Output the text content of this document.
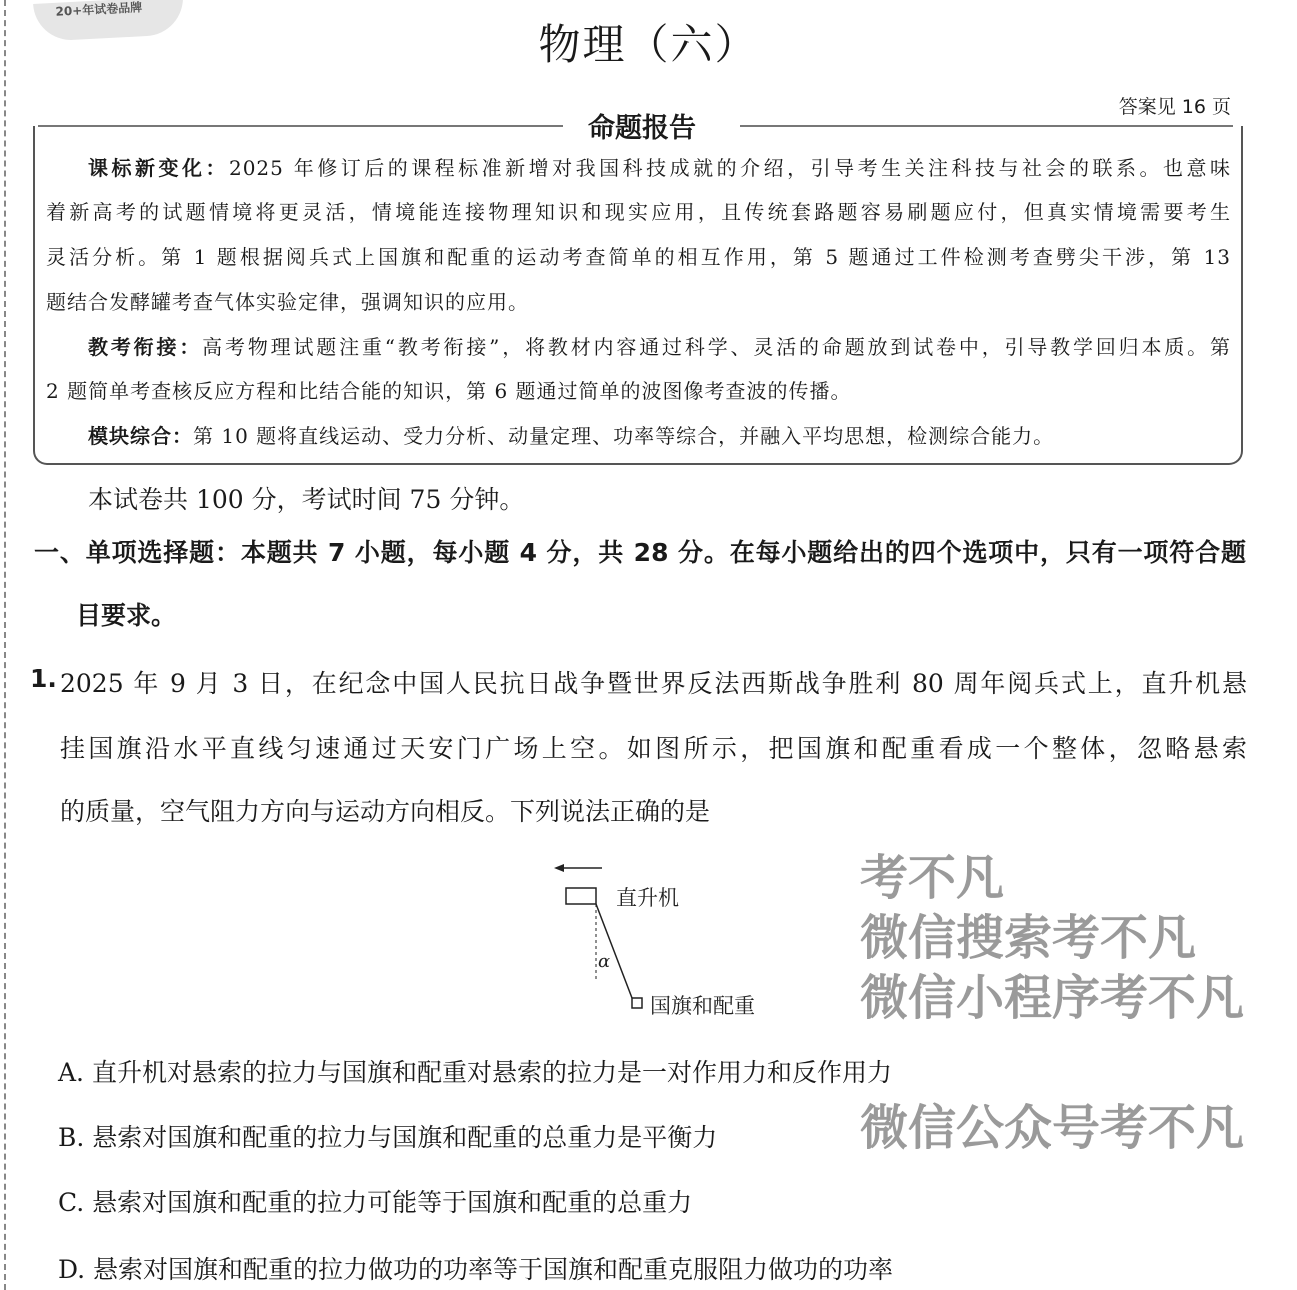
20+年试卷品牌
物理（六）
答案见 16 页
命题报告
课标新变化：2025 年修订后的课程标准新增对我国科技成就的介绍，引导考生关注科技与社会的联系。也意味
着新高考的试题情境将更灵活，情境能连接物理知识和现实应用，且传统套路题容易刷题应付，但真实情境需要考生
灵活分析。第 1 题根据阅兵式上国旗和配重的运动考查简单的相互作用，第 5 题通过工件检测考查劈尖干涉，第 13
题结合发酵罐考查气体实验定律，强调知识的应用。
教考衔接：高考物理试题注重“教考衔接”，将教材内容通过科学、灵活的命题放到试卷中，引导教学回归本质。第
2 题简单考查核反应方程和比结合能的知识，第 6 题通过简单的波图像考查波的传播。
模块综合：第 10 题将直线运动、受力分析、动量定理、功率等综合，并融入平均思想，检测综合能力。
本试卷共 100 分，考试时间 75 分钟。
一、单项选择题：本题共 7 小题，每小题 4 分，共 28 分。在每小题给出的四个选项中，只有一项符合题
目要求。
1. 2025 年 9 月 3 日，在纪念中国人民抗日战争暨世界反法西斯战争胜利 80 周年阅兵式上，直升机悬
挂国旗沿水平直线匀速通过天安门广场上空。如图所示，把国旗和配重看成一个整体，忽略悬索
的质量，空气阻力方向与运动方向相反。下列说法正确的是
直升机
α
国旗和配重
A. 直升机对悬索的拉力与国旗和配重对悬索的拉力是一对作用力和反作用力
B. 悬索对国旗和配重的拉力与国旗和配重的总重力是平衡力
C. 悬索对国旗和配重的拉力可能等于国旗和配重的总重力
D. 悬索对国旗和配重的拉力做功的功率等于国旗和配重克服阻力做功的功率
考不凡
微信搜索考不凡
微信小程序考不凡
微信公众号考不凡
